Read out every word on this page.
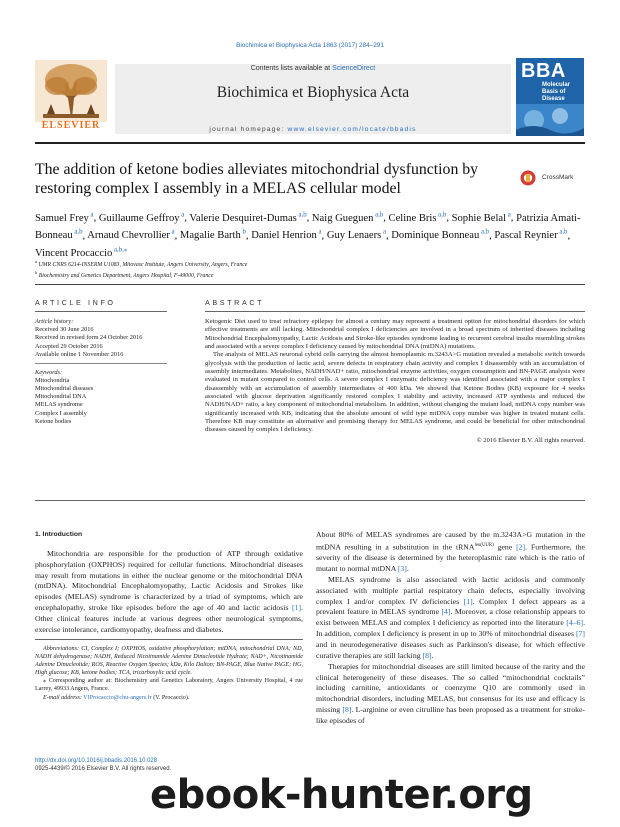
Biochimica et Biophysica Acta 1863 (2017) 284–291
ELSEVIER
Contents lists available at ScienceDirect
Biochimica et Biophysica Acta
journal homepage: www.elsevier.com/locate/bbadis
BBA
Molecular Basis of Disease
The addition of ketone bodies alleviates mitochondrial dysfunction by restoring complex I assembly in a MELAS cellular model
CrossMark
Samuel Frey $^a$, Guillaume Geffroy $^a$, Valerie Desquiret-Dumas $^{a,b}$, Naig Gueguen $^{a,b}$, Celine Bris $^{a,b}$, Sophie Belal $^a$, Patrizia Amati-Bonneau $^{a,b}$, Arnaud Chevrollier $^a$, Magalie Barth $^b$, Daniel Henrion $^a$, Guy Lenaers $^a$, Dominique Bonneau $^{a,b}$, Pascal Reynier $^{a,b}$, Vincent Procaccio $^{a,b,⁎}$
$^a$ UMR CNRS 6214-INSERM U1083, Mitovasc Institute, Angers University, Angers, France
$^b$ Biochemistry and Genetics Department, Angers Hospital, F-49000, France
ARTICLE INFO	ABSTRACT
Article history:
Received 30 June 2016
Received in revised form 24 October 2016
Accepted 29 October 2016
Available online 1 November 2016
Keywords:
Mitochondria
Mitochondrial diseases
Mitochondrial DNA
MELAS syndrome
Complex I assembly
Ketone bodies

Ketogenic Diet used to treat refractory epilepsy for almost a century may represent a treatment option for mitochondrial disorders for which effective treatments are still lacking. Mitochondrial complex I deficiencies are involved in a broad spectrum of inherited diseases including Mitochondrial Encephalomyopathy, Lactic Acidosis and Stroke-like episodes syndrome leading to recurrent cerebral insults resembling strokes and associated with a severe complex I deficiency caused by mitochondrial DNA (mtDNA) mutations.

The analysis of MELAS neuronal cybrid cells carrying the almost homoplasmic m.3243A>G mutation revealed a metabolic switch towards glycolysis with the production of lactic acid, severe defects in respiratory chain activity and complex I disassembly with an accumulation of assembly intermediates. Metabolites, NADH/NAD+ ratio, mitochondrial enzyme activities, oxygen consumption and BN-PAGE analysis were evaluated in mutant compared to control cells. A severe complex I enzymatic deficiency was identified associated with a major complex I disassembly with an accumulation of assembly intermediates of 400 kDa. We showed that Ketone Bodies (KB) exposure for 4 weeks associated with glucose deprivation significantly restored complex I stability and activity, increased ATP synthesis and reduced the NADH/NAD+ ratio, a key component of mitochondrial metabolism. In addition, without changing the mutant load, mtDNA copy number was significantly increased with KB, indicating that the absolute amount of wild type mtDNA copy number was higher in treated mutant cells. Therefore KB may constitute an alternative and promising therapy for MELAS syndrome, and could be beneficial for other mitochondrial diseases caused by complex I deficiency.

© 2016 Elsevier B.V. All rights reserved.

1. Introduction

Mitochondria are responsible for the production of ATP through oxidative phosphorylation (OXPHOS) required for cellular functions. Mitochondrial diseases may result from mutations in either the nuclear genome or the mitochondrial DNA (mtDNA). Mitochondrial Encephalomyopathy, Lactic Acidosis and Strokes like episodes (MELAS) syndrome is characterized by a triad of symptoms, which are encephalopathy, stroke like episodes before the age of 40 and lactic acidosis [1]. Other clinical features include at various degrees other neurological symptoms, exercise intolerance, cardiomyopathy, deafness and diabetes.

Abbreviations: CI, Complex I; OXPHOS, oxidative phosphorylation; mtDNA, mitochondrial DNA; ND, NADH dehydrogenase; NADH, Reduced Nicotinamide Adenine Dinucleotide Hydrate; NAD+, Nicotinamide Adenine Dinucleotide; ROS, Reactive Oxygen Species; kDa, Kilo Dalton; BN-PAGE, Blue Native PAGE; HG, High glucose; KB, ketone bodies; TCA, tricarboxylic acid cycle.

⁎ Corresponding author at: Biochemistry and Genetics Laboratory, Angers University Hospital, 4 rue Larrey, 49933 Angers, France.

E-mail address: VIProcaccio@chu-angers.fr (V. Procaccio).

About 80% of MELAS syndromes are caused by the m.3243A>G mutation in the mtDNA resulting in a substitution in the tRNA$^{leu(UUR)}$ gene [2]. Furthermore, the severity of the disease is determined by the heteroplasmic rate which is the ratio of mutant to normal mtDNA [3].

MELAS syndrome is also associated with lactic acidosis and commonly associated with multiple partial respiratory chain defects, especially involving complex I and/or complex IV deficiencies [1]. Complex I defect appears as a prevalent feature in MELAS syndrome [4]. Moreover, a close relationship appears to exist between MELAS and complex I deficiency as reported into the literature [4–6]. In addition, complex I deficiency is present in up to 30% of mitochondrial diseases [7] and in neurodegenerative diseases such as Parkinson's disease, for which effective curative therapies are still lacking [8].

Therapies for mitochondrial diseases are still limited because of the rarity and the clinical heterogeneity of these diseases. The so called “mitochondrial cocktails” including carnitine, antioxidants or coenzyme Q10 are commonly used in mitochondrial disorders, including MELAS, but consensus for its use and efficacy is missing [8]. L-arginine or even citrulline has been proposed as a treatment for stroke-like episodes of

http://dx.doi.org/10.1016/j.bbadis.2016.10.028
0925-4439/© 2016 Elsevier B.V. All rights reserved.
ebook-hunter.org
